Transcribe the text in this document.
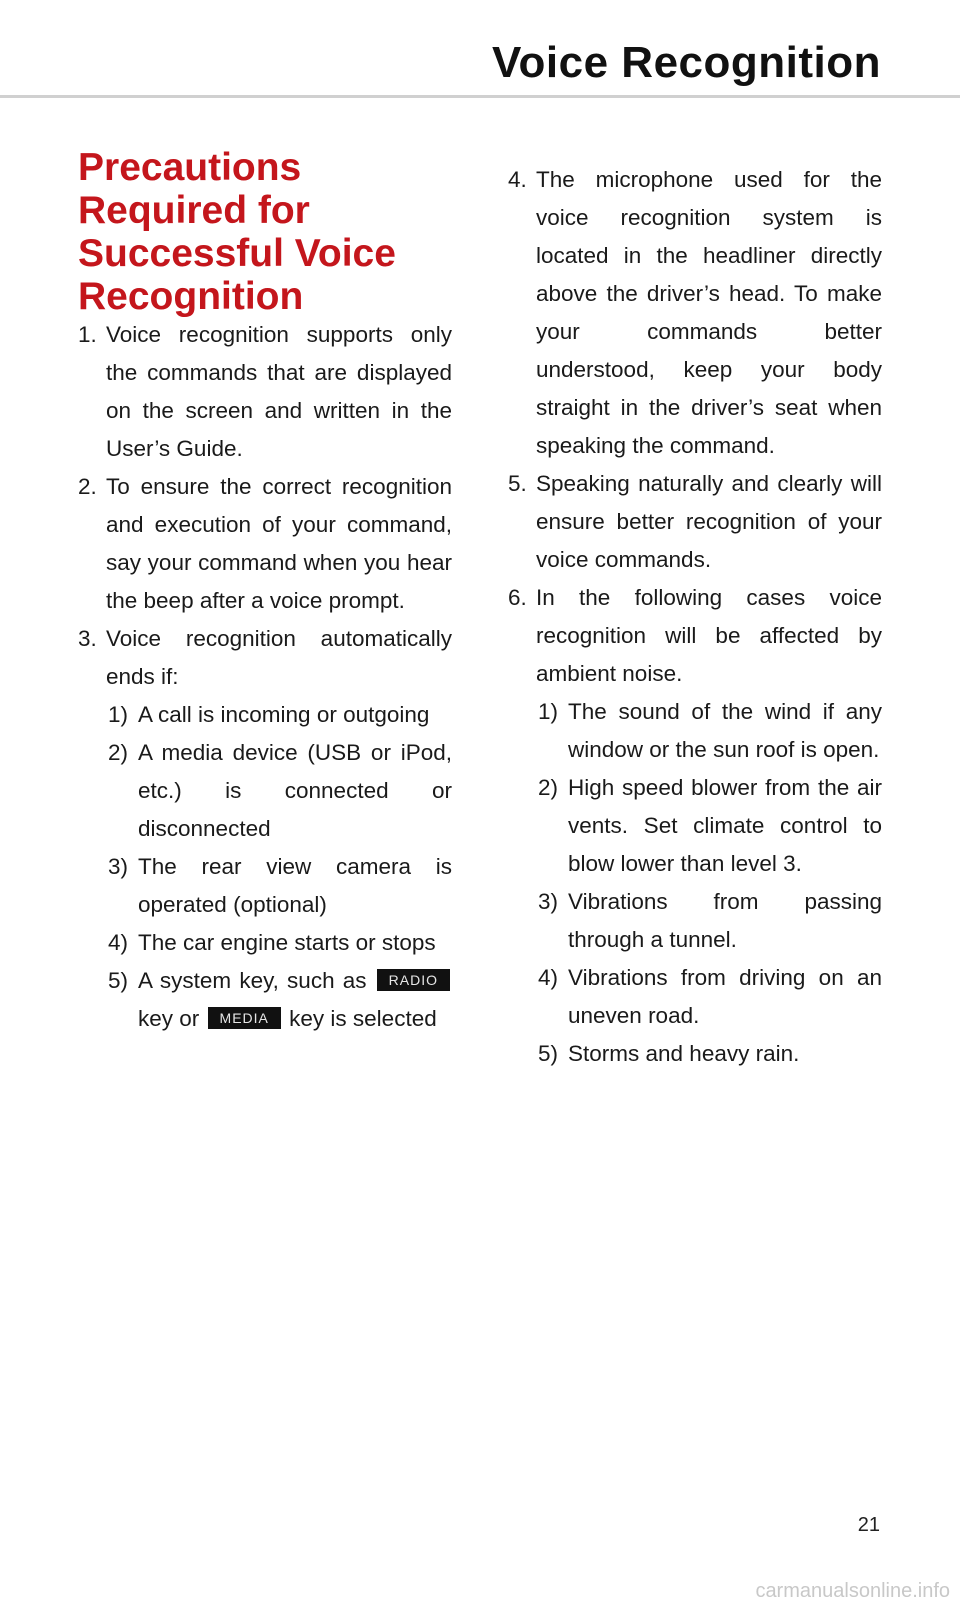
Voice Recognition
Precautions Required for Successful Voice Recognition
1. Voice recognition supports only the commands that are displayed on the screen and written in the User’s Guide.
2. To ensure the correct recognition and execution of your command, say your command when you hear the beep after a voice prompt.
3. Voice recognition automatically ends if:
1) A call is incoming or outgoing
2) A media device (USB or iPod, etc.) is connected or disconnected
3) The rear view camera is operated (optional)
4) The car engine starts or stops
5) A system key, such as RADIO key or MEDIA key is selected
4. The microphone used for the voice recognition system is located in the headliner directly above the driver’s head. To make your commands better understood, keep your body straight in the driver’s seat when speaking the command.
5. Speaking naturally and clearly will ensure better recognition of your voice commands.
6. In the following cases voice recognition will be affected by ambient noise.
1) The sound of the wind if any window or the sun roof is open.
2) High speed blower from the air vents. Set climate control to blow lower than level 3.
3) Vibrations from passing through a tunnel.
4) Vibrations from driving on an uneven road.
5) Storms and heavy rain.
21
carmanualsonline.info
